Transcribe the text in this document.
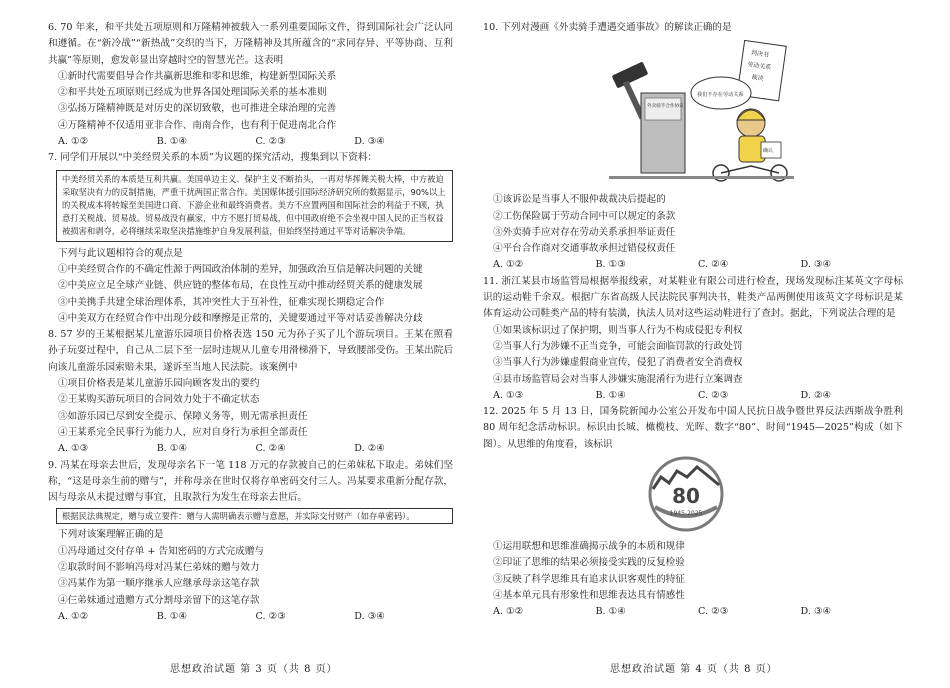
6. 70 年来，和平共处五项原则和万隆精神被载入一系列重要国际文件，得到国际社会广泛认同和遵循。在“新冷战”“新热战”交织的当下，万隆精神及其所蕴含的“求同存异、平等协商、互利共赢”等原则，愈发彰显出穿越时空的智慧光芒。这表明

①新时代需要倡导合作共赢新思维和零和思维，构建新型国际关系

②和平共处五项原则已经成为世界各国处理国际关系的基本准则

③弘扬万隆精神既是对历史的深切致敬，也可推进全球治理的完善

④万隆精神不仅适用亚非合作、南南合作，也有利于促进南北合作

A. ①②	B. ①④	C. ②③	D. ③④

7. 同学们开展以“中美经贸关系的本质”为议题的探究活动，搜集到以下资料：

中美经贸关系的本质是互利共赢。美国单边主义、保护主义不断抬头，一再对华挥舞关税大棒，中方被迫采取坚决有力的反制措施，严重干扰两国正常合作。美国媒体援引国际经济研究所的数据显示，90%以上的关税成本将转嫁至美国进口商、下游企业和最终消费者。美方不应置两国和国际社会的利益于不顾，执意打关税战、贸易战。贸易战没有赢家，中方不愿打贸易战，但中国政府绝不会坐视中国人民的正当权益被损害和剥夺，必将继续采取坚决措施维护自身发展利益，但始终坚持通过平等对话解决争端。

下列与此议题相符合的观点是

①中美经贸合作的不确定性源于两国政治体制的差异，加强政治互信是解决问题的关键

②中美应立足全球产业链、供应链的整体布局，在良性互动中推动经贸关系的健康发展

③中美携手共建全球治理体系，其冲突性大于互补性，征难实现长期稳定合作

④中美双方在经贸合作中出现分歧和摩擦是正常的，关键要通过平等对话妥善解决分歧

8. 57 岁的王某根据某儿童游乐园项目价格表选 150 元为孙子买了儿个游玩项目。王某在照看孙子玩耍过程中，自己从二层下至一层时违规从儿童专用滑梯滑下，导致腰部受伤。王某出院后向该儿童游乐园索赔未果，遂诉至当地人民法院。该案例中

①项目价格表是某儿童游乐园向顾客发出的要约

②王某购买游玩项目的合同效力处于不确定状态

③如游乐园已尽到安全提示、保障义务等，则无需承担责任

④王某系完全民事行为能力人，应对自身行为承担全部责任

A. ①③	B. ①④	C. ②④	D. ②④

9. 冯某在母亲去世后，发现母亲名下一笔 118 万元的存款被自己的仨弟妹私下取走。弟妹们坚称，“这是母亲生前的赠与”，并称母亲在世时仅将存单密码交付三人。冯某要求重新分配存款，因与母亲从未提过赠与事宜，且取款行为发生在母亲去世后。

根据民法典规定，赠与成立要件：赠与人需明确表示赠与意愿，并实际交付财产（如存单密码）。

下列对该案理解正确的是

①冯母通过交付存单 + 告知密码的方式完成赠与

②取款时间不影响冯母对冯某仨弟妹的赠与效力

③冯某作为第一顺序继承人应继承母亲这笔存款

④仨弟妹通过遗赠方式分割母亲留下的这笔存款

A. ①②	B. ①④	C. ②③	D. ③④
思想政治试题 第 3 页（共 8 页）

10. 下列对漫画《外卖骑手遭遇交通事故》的解读正确的是

判决书
劳动关系
裁决
外卖骑手合作协议
我们不存在劳动关系
确认

①该诉讼是当事人不服仲裁裁决后提起的

②工伤保险属于劳动合同中可以规定的条款

③外卖骑手应对存在劳动关系承担举证责任

④平台合作商对交通事故承担过错侵权责任

A. ①②	B. ①③	C. ②④	D. ③④

11. 浙江某县市场监管局根据举报线索，对某鞋业有限公司进行检查，现场发现标注某英文字母标识的运动鞋千余双。根据广东省高级人民法院民事判决书，鞋类产品两侧使用该英文字母标识是某体育运动公司鞋类产品的特有装潢，执法人员对这些运动鞋进行了查封。据此，下列说法合理的是

①如果该标识过了保护期，则当事人行为不构成侵犯专利权

②当事人行为涉嫌不正当竞争，可能会面临罚款的行政处罚

③当事人行为涉嫌虚假商业宣传，侵犯了消费者安全消费权

④县市场监管局会对当事人涉嫌实施混淆行为进行立案调查

A. ①③	B. ①④	C. ②③	D. ②④

12. 2025 年 5 月 13 日，国务院新闻办公室公开发布中国人民抗日战争暨世界反法西斯战争胜利 80 周年纪念活动标识。标识由长城、橄榄枝、光晖、数字“80”、时间“1945—2025”构成（如下图）。从思维的角度看，该标识

80
1945-2025

①运用联想和思维准确揭示战争的本质和规律

②印证了思维的结果必须接受实践的反复检验

③反映了科学思维具有追求认识客观性的特征

④基本单元具有形象性和思维表达具有情感性

A. ①②	B. ①④	C. ②③	D. ③④
思想政治试题 第 4 页（共 8 页）
